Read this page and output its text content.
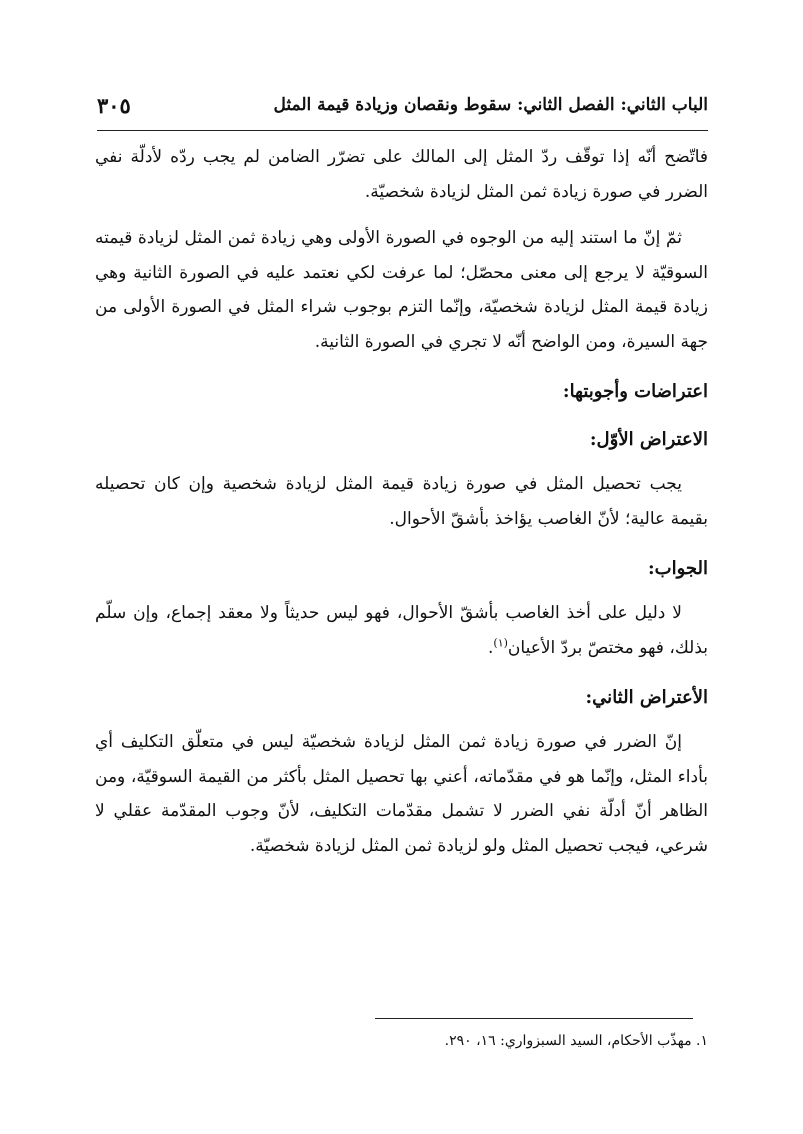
الباب الثاني: الفصل الثاني: سقوط ونقصان وزيادة قيمة المثل
٣٠٥

فاتّضح أنّه إذا توقّف ردّ المثل إلى المالك على تضرّر الضامن لم يجب ردّه لأدلّة نفي الضرر في صورة زيادة ثمن المثل لزيادة شخصيّة.

ثمّ إنّ ما استند إليه من الوجوه في الصورة الأولى وهي زيادة ثمن المثل لزيادة قيمته السوقيّة لا يرجع إلى معنى محصّل؛ لما عرفت لكي نعتمد عليه في الصورة الثانية وهي زيادة قيمة المثل لزيادة شخصيّة، وإنّما التزم بوجوب شراء المثل في الصورة الأولى من جهة السيرة، ومن الواضح أنّه لا تجري في الصورة الثانية.

اعتراضات وأجوبتها:
الاعتراض الأوّل:

يجب تحصيل المثل في صورة زيادة قيمة المثل لزيادة شخصية وإن كان تحصيله بقيمة عالية؛ لأنّ الغاصب يؤاخذ بأشقّ الأحوال.

الجواب:

لا دليل على أخذ الغاصب بأشقّ الأحوال، فهو ليس حديثاً ولا معقد إجماع، وإن سلّم بذلك، فهو مختصّ بردّ الأعيان$^{(١)}$.

الأعتراض الثاني:

إنّ الضرر في صورة زيادة ثمن المثل لزيادة شخصيّة ليس في متعلّق التكليف أي بأداء المثل، وإنّما هو في مقدّماته، أعني بها تحصيل المثل بأكثر من القيمة السوقيّة، ومن الظاهر أنّ أدلّة نفي الضرر لا تشمل مقدّمات التكليف، لأنّ وجوب المقدّمة عقلي لا شرعي، فيجب تحصيل المثل ولو لزيادة ثمن المثل لزيادة شخصيّة.

١. مهذّب الأحكام، السيد السبزواري: ١٦، ٢٩٠.
